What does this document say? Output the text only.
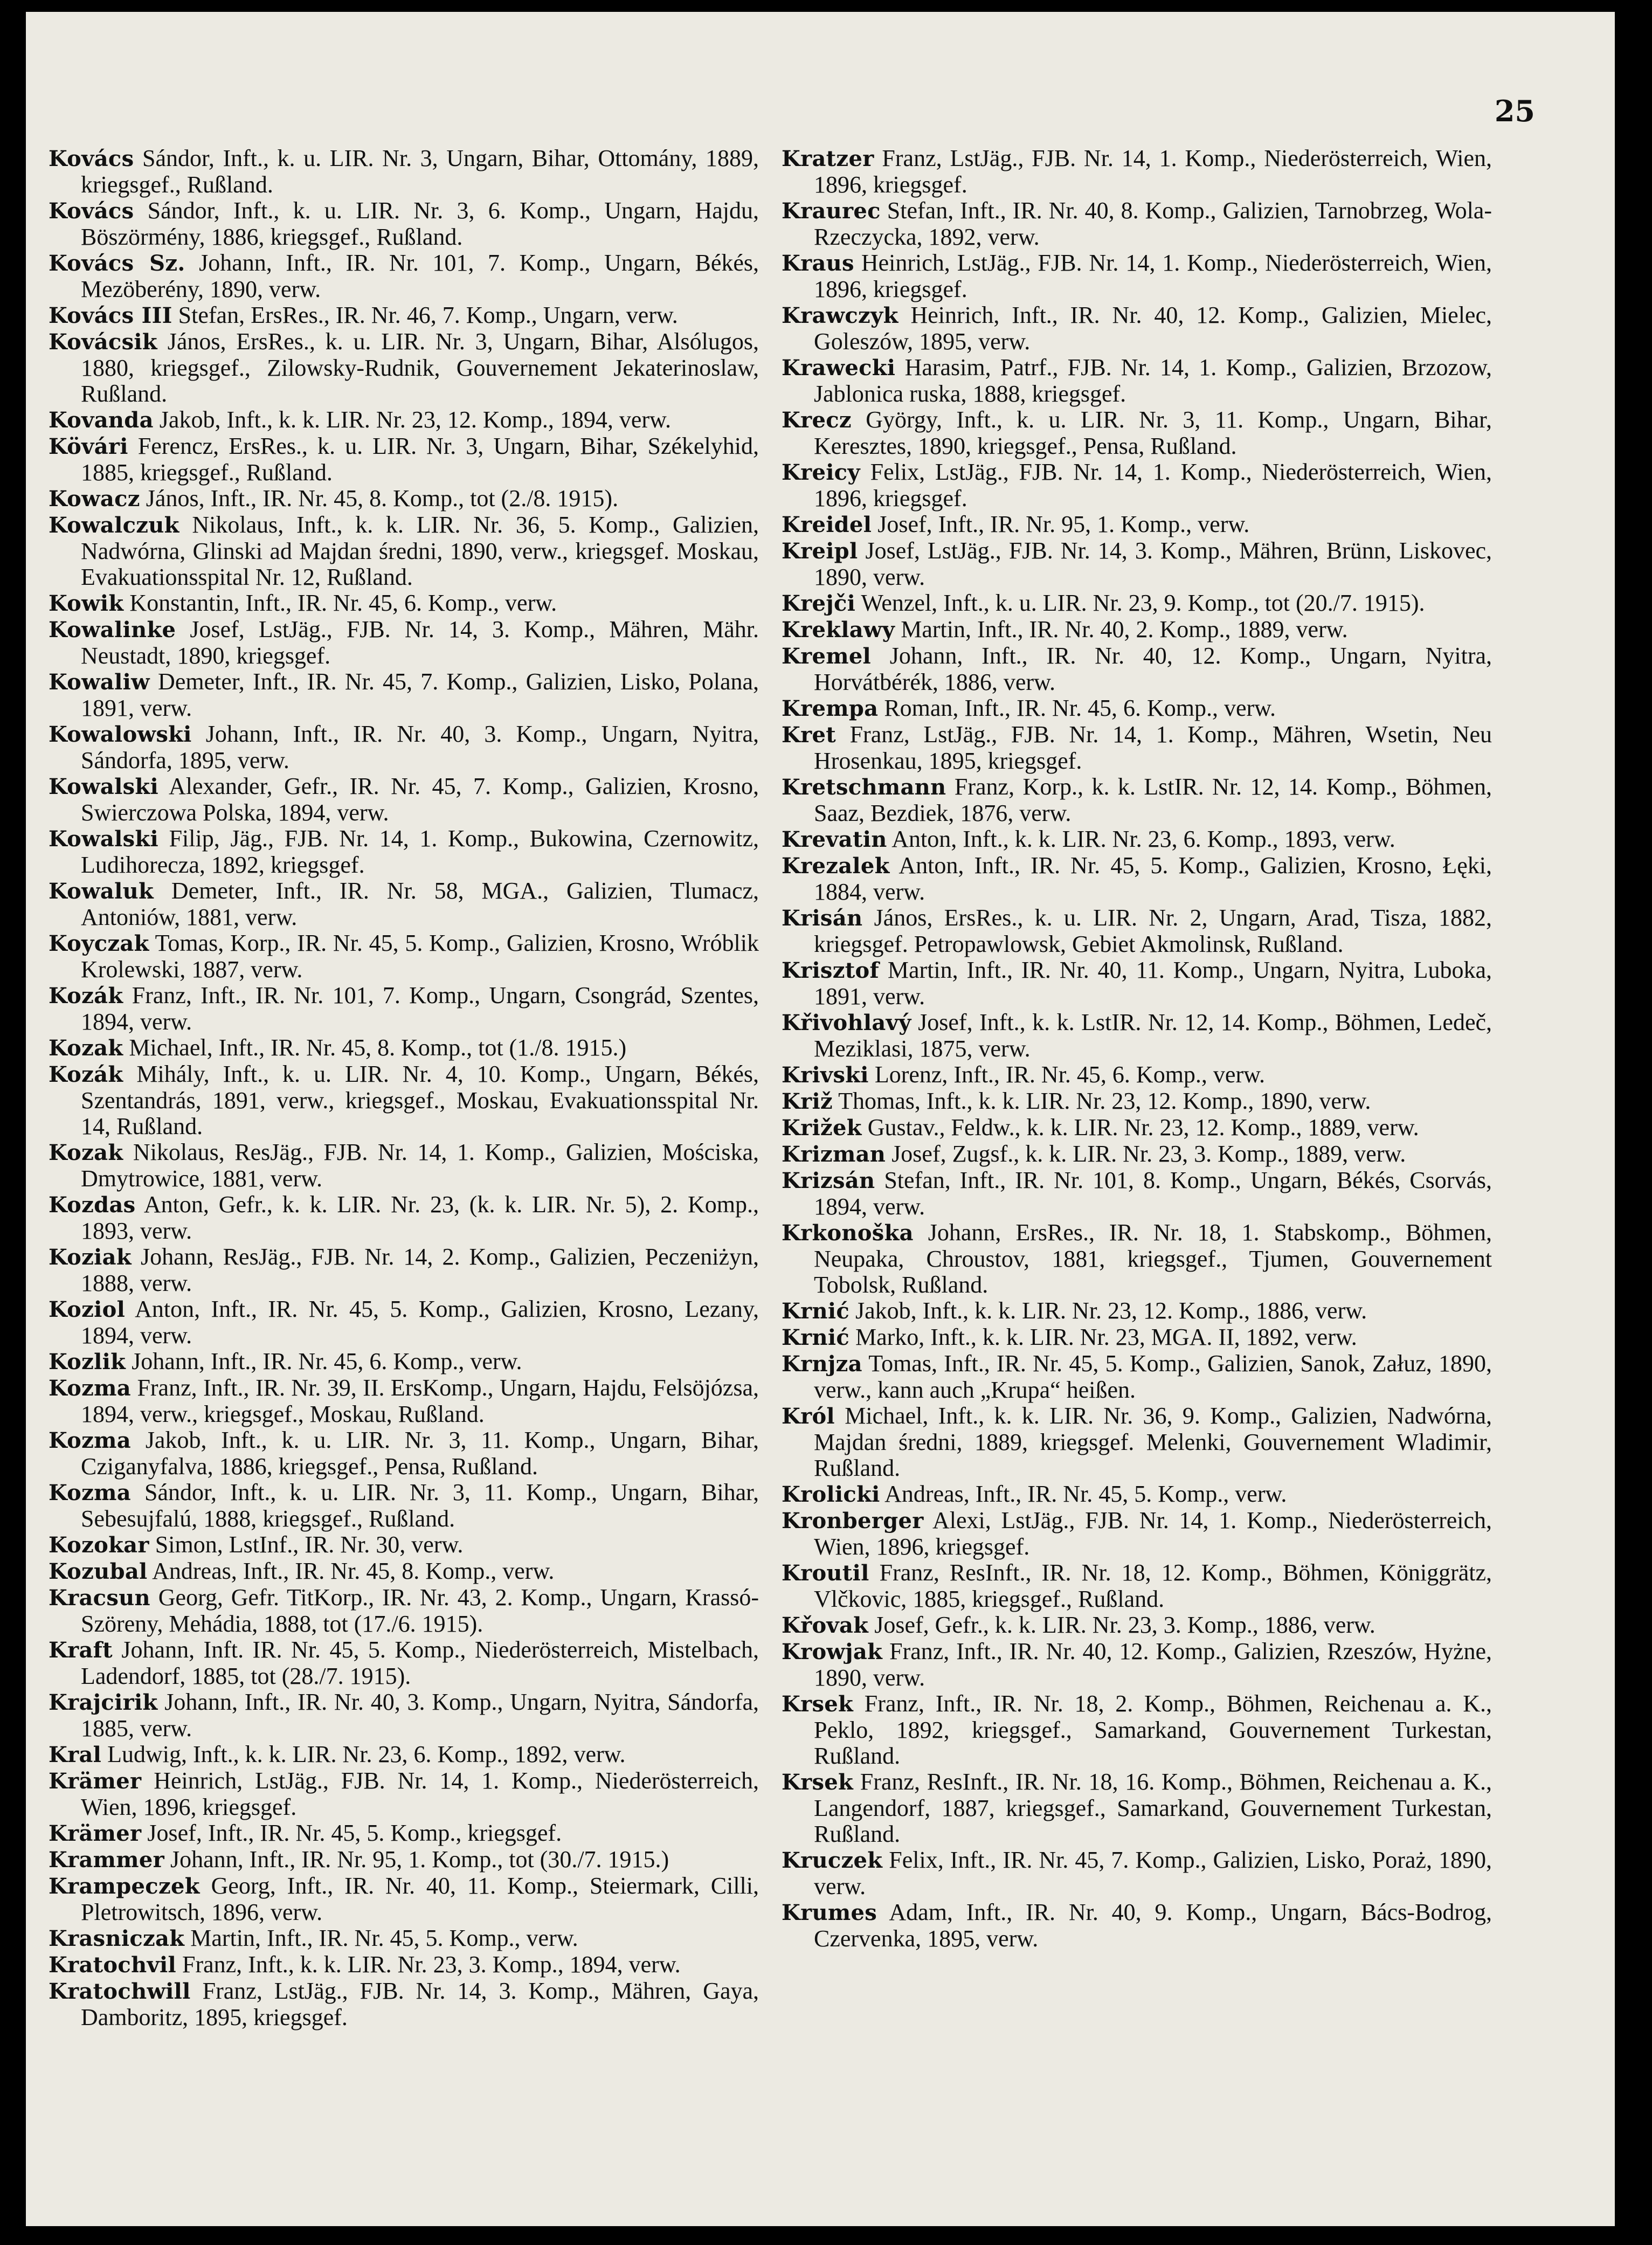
25

Kovács Sándor, Inft., k. u. LIR. Nr. 3, Ungarn, Bihar, Ottomány, 1889, kriegsgef., Rußland.

Kovács Sándor, Inft., k. u. LIR. Nr. 3, 6. Komp., Ungarn, Hajdu, Böszörmény, 1886, kriegsgef., Rußland.

Kovács Sz. Johann, Inft., IR. Nr. 101, 7. Komp., Ungarn, Békés, Mezöberény, 1890, verw.

Kovács III Stefan, ErsRes., IR. Nr. 46, 7. Komp., Ungarn, verw.

Kovácsik János, ErsRes., k. u. LIR. Nr. 3, Ungarn, Bihar, Alsólugos, 1880, kriegsgef., Zilowsky-Rudnik, Gouvernement Jekaterinoslaw, Rußland.

Kovanda Jakob, Inft., k. k. LIR. Nr. 23, 12. Komp., 1894, verw.

Kövári Ferencz, ErsRes., k. u. LIR. Nr. 3, Ungarn, Bihar, Székelyhid, 1885, kriegsgef., Rußland.

Kowacz János, Inft., IR. Nr. 45, 8. Komp., tot (2./8. 1915).

Kowalczuk Nikolaus, Inft., k. k. LIR. Nr. 36, 5. Komp., Galizien, Nadwórna, Glinski ad Majdan średni, 1890, verw., kriegsgef. Moskau, Evakuationsspital Nr. 12, Rußland.

Kowik Konstantin, Inft., IR. Nr. 45, 6. Komp., verw.

Kowalinke Josef, LstJäg., FJB. Nr. 14, 3. Komp., Mähren, Mähr. Neustadt, 1890, kriegsgef.

Kowaliw Demeter, Inft., IR. Nr. 45, 7. Komp., Galizien, Lisko, Polana, 1891, verw.

Kowalowski Johann, Inft., IR. Nr. 40, 3. Komp., Ungarn, Nyitra, Sándorfa, 1895, verw.

Kowalski Alexander, Gefr., IR. Nr. 45, 7. Komp., Galizien, Krosno, Swierczowa Polska, 1894, verw.

Kowalski Filip, Jäg., FJB. Nr. 14, 1. Komp., Bukowina, Czernowitz, Ludihorecza, 1892, kriegsgef.

Kowaluk Demeter, Inft., IR. Nr. 58, MGA., Galizien, Tlumacz, Antoniów, 1881, verw.

Koyczak Tomas, Korp., IR. Nr. 45, 5. Komp., Galizien, Krosno, Wróblik Krolewski, 1887, verw.

Kozák Franz, Inft., IR. Nr. 101, 7. Komp., Ungarn, Csongrád, Szentes, 1894, verw.

Kozak Michael, Inft., IR. Nr. 45, 8. Komp., tot (1./8. 1915.)

Kozák Mihály, Inft., k. u. LIR. Nr. 4, 10. Komp., Ungarn, Békés, Szentandrás, 1891, verw., kriegsgef., Moskau, Evakuationsspital Nr. 14, Rußland.

Kozak Nikolaus, ResJäg., FJB. Nr. 14, 1. Komp., Galizien, Mościska, Dmytrowice, 1881, verw.

Kozdas Anton, Gefr., k. k. LIR. Nr. 23, (k. k. LIR. Nr. 5), 2. Komp., 1893, verw.

Koziak Johann, ResJäg., FJB. Nr. 14, 2. Komp., Galizien, Peczeniżyn, 1888, verw.

Koziol Anton, Inft., IR. Nr. 45, 5. Komp., Galizien, Krosno, Lezany, 1894, verw.

Kozlik Johann, Inft., IR. Nr. 45, 6. Komp., verw.

Kozma Franz, Inft., IR. Nr. 39, II. ErsKomp., Ungarn, Hajdu, Felsöjózsa, 1894, verw., kriegsgef., Moskau, Rußland.

Kozma Jakob, Inft., k. u. LIR. Nr. 3, 11. Komp., Ungarn, Bihar, Cziganyfalva, 1886, kriegsgef., Pensa, Rußland.

Kozma Sándor, Inft., k. u. LIR. Nr. 3, 11. Komp., Ungarn, Bihar, Sebesujfalú, 1888, kriegsgef., Rußland.

Kozokar Simon, LstInf., IR. Nr. 30, verw.

Kozubal Andreas, Inft., IR. Nr. 45, 8. Komp., verw.

Kracsun Georg, Gefr. TitKorp., IR. Nr. 43, 2. Komp., Ungarn, Krassó-Szöreny, Mehádia, 1888, tot (17./6. 1915).

Kraft Johann, Inft. IR. Nr. 45, 5. Komp., Niederösterreich, Mistelbach, Ladendorf, 1885, tot (28./7. 1915).

Krajcirik Johann, Inft., IR. Nr. 40, 3. Komp., Ungarn, Nyitra, Sándorfa, 1885, verw.

Kral Ludwig, Inft., k. k. LIR. Nr. 23, 6. Komp., 1892, verw.

Krämer Heinrich, LstJäg., FJB. Nr. 14, 1. Komp., Niederösterreich, Wien, 1896, kriegsgef.

Krämer Josef, Inft., IR. Nr. 45, 5. Komp., kriegsgef.

Krammer Johann, Inft., IR. Nr. 95, 1. Komp., tot (30./7. 1915.)

Krampeczek Georg, Inft., IR. Nr. 40, 11. Komp., Steiermark, Cilli, Pletrowitsch, 1896, verw.

Krasniczak Martin, Inft., IR. Nr. 45, 5. Komp., verw.

Kratochvil Franz, Inft., k. k. LIR. Nr. 23, 3. Komp., 1894, verw.

Kratochwill Franz, LstJäg., FJB. Nr. 14, 3. Komp., Mähren, Gaya, Damboritz, 1895, kriegsgef.

Kratzer Franz, LstJäg., FJB. Nr. 14, 1. Komp., Niederösterreich, Wien, 1896, kriegsgef.

Kraurec Stefan, Inft., IR. Nr. 40, 8. Komp., Galizien, Tarnobrzeg, Wola-Rzeczycka, 1892, verw.

Kraus Heinrich, LstJäg., FJB. Nr. 14, 1. Komp., Niederösterreich, Wien, 1896, kriegsgef.

Krawczyk Heinrich, Inft., IR. Nr. 40, 12. Komp., Galizien, Mielec, Goleszów, 1895, verw.

Krawecki Harasim, Patrf., FJB. Nr. 14, 1. Komp., Galizien, Brzozow, Jablonica ruska, 1888, kriegsgef.

Krecz György, Inft., k. u. LIR. Nr. 3, 11. Komp., Ungarn, Bihar, Keresztes, 1890, kriegsgef., Pensa, Rußland.

Kreicy Felix, LstJäg., FJB. Nr. 14, 1. Komp., Niederösterreich, Wien, 1896, kriegsgef.

Kreidel Josef, Inft., IR. Nr. 95, 1. Komp., verw.

Kreipl Josef, LstJäg., FJB. Nr. 14, 3. Komp., Mähren, Brünn, Liskovec, 1890, verw.

Krejči Wenzel, Inft., k. u. LIR. Nr. 23, 9. Komp., tot (20./7. 1915).

Kreklawy Martin, Inft., IR. Nr. 40, 2. Komp., 1889, verw.

Kremel Johann, Inft., IR. Nr. 40, 12. Komp., Ungarn, Nyitra, Horvátbérék, 1886, verw.

Krempa Roman, Inft., IR. Nr. 45, 6. Komp., verw.

Kret Franz, LstJäg., FJB. Nr. 14, 1. Komp., Mähren, Wsetin, Neu Hrosenkau, 1895, kriegsgef.

Kretschmann Franz, Korp., k. k. LstIR. Nr. 12, 14. Komp., Böhmen, Saaz, Bezdiek, 1876, verw.

Krevatin Anton, Inft., k. k. LIR. Nr. 23, 6. Komp., 1893, verw.

Krezalek Anton, Inft., IR. Nr. 45, 5. Komp., Galizien, Krosno, Łęki, 1884, verw.

Krisán János, ErsRes., k. u. LIR. Nr. 2, Ungarn, Arad, Tisza, 1882, kriegsgef. Petropawlowsk, Gebiet Akmolinsk, Rußland.

Krisztof Martin, Inft., IR. Nr. 40, 11. Komp., Ungarn, Nyitra, Luboka, 1891, verw.

Křivohlavý Josef, Inft., k. k. LstIR. Nr. 12, 14. Komp., Böhmen, Ledeč, Meziklasi, 1875, verw.

Krivski Lorenz, Inft., IR. Nr. 45, 6. Komp., verw.

Križ Thomas, Inft., k. k. LIR. Nr. 23, 12. Komp., 1890, verw.

Križek Gustav., Feldw., k. k. LIR. Nr. 23, 12. Komp., 1889, verw.

Krizman Josef, Zugsf., k. k. LIR. Nr. 23, 3. Komp., 1889, verw.

Krizsán Stefan, Inft., IR. Nr. 101, 8. Komp., Ungarn, Békés, Csorvás, 1894, verw.

Krkonoška Johann, ErsRes., IR. Nr. 18, 1. Stabskomp., Böhmen, Neupaka, Chroustov, 1881, kriegsgef., Tjumen, Gouvernement Tobolsk, Rußland.

Krnić Jakob, Inft., k. k. LIR. Nr. 23, 12. Komp., 1886, verw.

Krnić Marko, Inft., k. k. LIR. Nr. 23, MGA. II, 1892, verw.

Krnjza Tomas, Inft., IR. Nr. 45, 5. Komp., Galizien, Sanok, Załuz, 1890, verw., kann auch „Krupa“ heißen.

Król Michael, Inft., k. k. LIR. Nr. 36, 9. Komp., Galizien, Nadwórna, Majdan średni, 1889, kriegsgef. Melenki, Gouvernement Wladimir, Rußland.

Krolicki Andreas, Inft., IR. Nr. 45, 5. Komp., verw.

Kronberger Alexi, LstJäg., FJB. Nr. 14, 1. Komp., Niederösterreich, Wien, 1896, kriegsgef.

Kroutil Franz, ResInft., IR. Nr. 18, 12. Komp., Böhmen, Königgrätz, Vlčkovic, 1885, kriegsgef., Rußland.

Křovak Josef, Gefr., k. k. LIR. Nr. 23, 3. Komp., 1886, verw.

Krowjak Franz, Inft., IR. Nr. 40, 12. Komp., Galizien, Rzeszów, Hyżne, 1890, verw.

Krsek Franz, Inft., IR. Nr. 18, 2. Komp., Böhmen, Reichenau a. K., Peklo, 1892, kriegsgef., Samarkand, Gouvernement Turkestan, Rußland.

Krsek Franz, ResInft., IR. Nr. 18, 16. Komp., Böhmen, Reichenau a. K., Langendorf, 1887, kriegsgef., Samarkand, Gouvernement Turkestan, Rußland.

Kruczek Felix, Inft., IR. Nr. 45, 7. Komp., Galizien, Lisko, Poraż, 1890, verw.

Krumes Adam, Inft., IR. Nr. 40, 9. Komp., Ungarn, Bács-Bodrog, Czervenka, 1895, verw.
